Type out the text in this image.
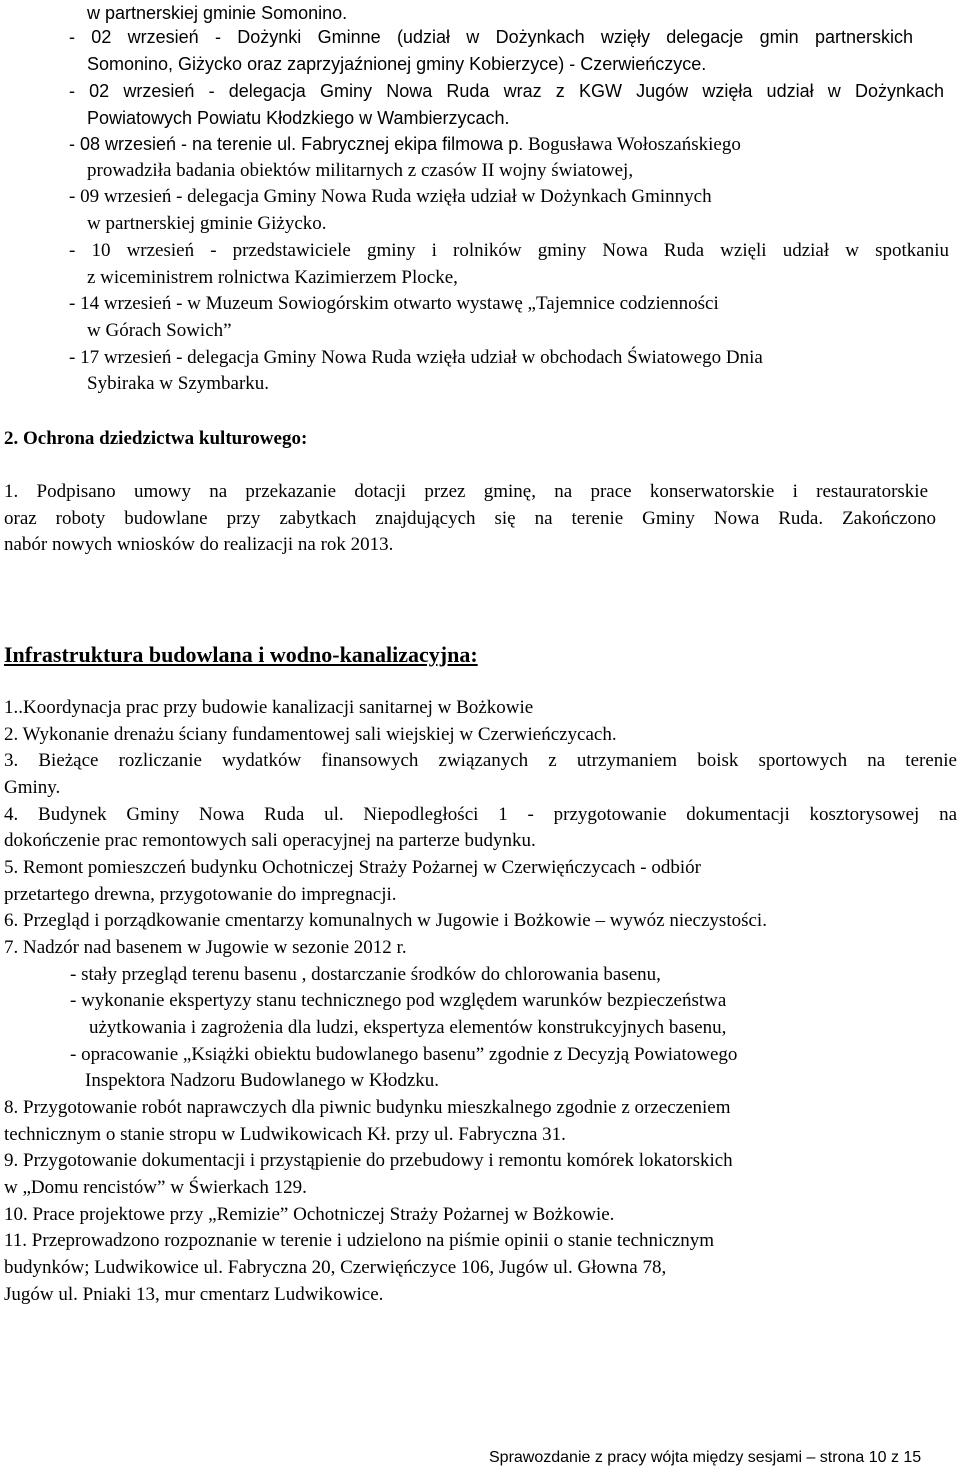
w partnerskiej gminie Somonino.
- 02 wrzesień - Dożynki Gminne (udział w Dożynkach wzięły delegacje gmin partnerskich
Somonino, Giżycko oraz zaprzyjaźnionej gminy Kobierzyce) - Czerwieńczyce.
- 02 wrzesień - delegacja Gminy Nowa Ruda wraz z KGW Jugów wzięła udział w Dożynkach
Powiatowych Powiatu Kłodzkiego w Wambierzycach.
- 08 wrzesień - na terenie ul. Fabrycznej ekipa filmowa p. Bogusława Wołoszańskiego
prowadziła badania obiektów militarnych z czasów II wojny światowej,
- 09 wrzesień - delegacja Gminy Nowa Ruda wzięła udział w Dożynkach Gminnych
w partnerskiej gminie Giżycko.
- 10 wrzesień - przedstawiciele gminy i rolników gminy Nowa Ruda wzięli udział w spotkaniu
z wiceministrem rolnictwa Kazimierzem Plocke,
- 14 wrzesień - w Muzeum Sowiogórskim otwarto wystawę „Tajemnice codzienności
w Górach Sowich”
- 17 wrzesień - delegacja Gminy Nowa Ruda wzięła udział w obchodach Światowego Dnia
Sybiraka w Szymbarku.
2. Ochrona dziedzictwa kulturowego:
1. Podpisano umowy na przekazanie dotacji przez gminę, na prace konserwatorskie i restauratorskie
oraz roboty budowlane przy zabytkach znajdujących się na terenie Gminy Nowa Ruda. Zakończono
nabór nowych wniosków do realizacji na rok 2013.
Infrastruktura budowlana i wodno-kanalizacyjna:
1..Koordynacja prac przy budowie kanalizacji sanitarnej w Bożkowie
2. Wykonanie drenażu ściany fundamentowej sali wiejskiej w Czerwieńczycach.
3. Bieżące rozliczanie wydatków finansowych związanych z utrzymaniem boisk sportowych na terenie
Gminy.
4. Budynek Gminy Nowa Ruda ul. Niepodległości 1 - przygotowanie dokumentacji kosztorysowej na
dokończenie prac remontowych sali operacyjnej na parterze budynku.
5. Remont pomieszczeń budynku Ochotniczej Straży Pożarnej w Czerwięńczycach - odbiór
przetartego drewna, przygotowanie do impregnacji.
6. Przegląd i porządkowanie cmentarzy komunalnych w Jugowie i Bożkowie – wywóz nieczystości.
7. Nadzór nad basenem w Jugowie w sezonie 2012 r.
- stały przegląd terenu basenu , dostarczanie środków do chlorowania basenu,
- wykonanie ekspertyzy stanu technicznego pod względem warunków bezpieczeństwa
użytkowania i zagrożenia dla ludzi, ekspertyza elementów konstrukcyjnych basenu,
- opracowanie „Książki obiektu budowlanego basenu” zgodnie z Decyzją Powiatowego
Inspektora Nadzoru Budowlanego w Kłodzku.
8. Przygotowanie robót naprawczych dla piwnic budynku mieszkalnego zgodnie z orzeczeniem
technicznym o stanie stropu w Ludwikowicach Kł. przy ul. Fabryczna 31.
9. Przygotowanie dokumentacji i przystąpienie do przebudowy i remontu komórek lokatorskich
w „Domu rencistów” w Świerkach 129.
10. Prace projektowe przy „Remizie” Ochotniczej Straży Pożarnej w Bożkowie.
11. Przeprowadzono rozpoznanie w terenie i udzielono na piśmie opinii o stanie technicznym
budynków; Ludwikowice ul. Fabryczna 20, Czerwięńczyce 106, Jugów ul. Głowna 78,
Jugów ul. Pniaki 13, mur cmentarz Ludwikowice.
Sprawozdanie z pracy wójta między sesjami – strona 10 z 15
